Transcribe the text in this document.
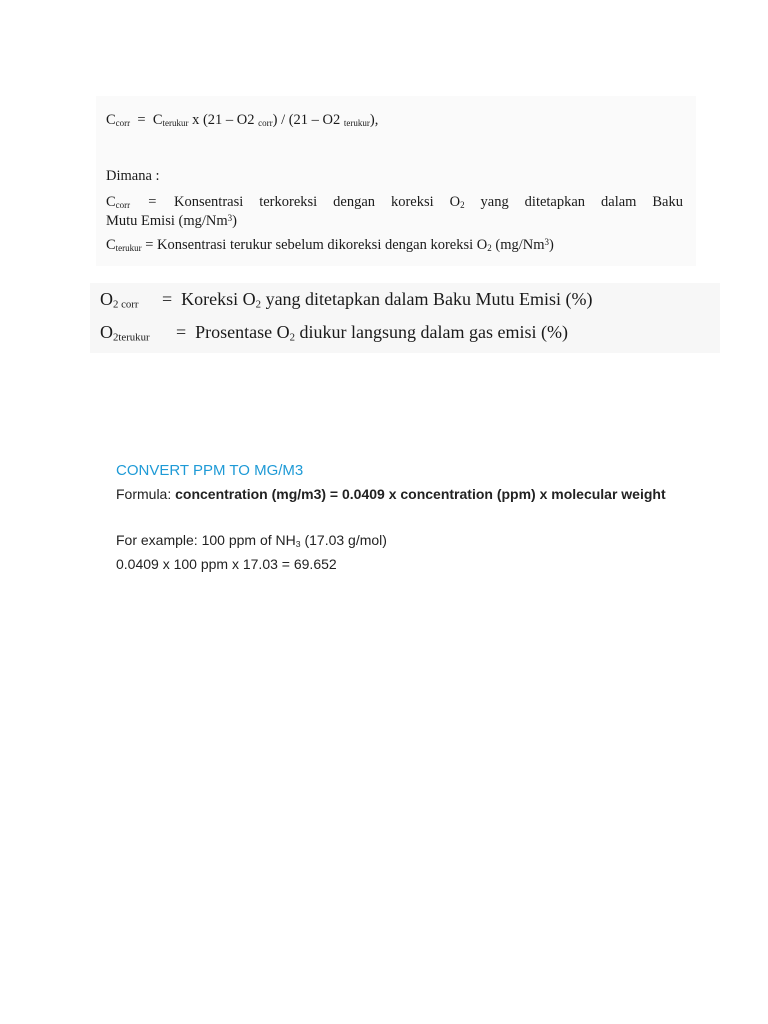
$C_{corr} = C_{terukur}$ x (21 – O2 $_{corr}$) / (21 – O2 $_{terukur}$),
Dimana :
$C_{corr}$ =	Konsentrasi terkoreksi dengan koreksi $O_2$ yang ditetapkan dalam Baku
Mutu Emisi (mg/Nm$^3$)
$C_{terukur}$ = Konsentrasi terukur sebelum dikoreksi dengan koreksi $O_2$ (mg/Nm$^3$)
$O_{2 corr}$ =  Koreksi $O_2$ yang ditetapkan dalam Baku Mutu Emisi (%)
$O_{2terukur}$ =  Prosentase $O_2$ diukur langsung dalam gas emisi (%)
CONVERT PPM TO MG/M3
Formula: concentration (mg/m3) = 0.0409 x concentration (ppm) x molecular weight
For example: 100 ppm of $NH_3$ (17.03 g/mol)
0.0409 x 100 ppm x 17.03 = 69.652
